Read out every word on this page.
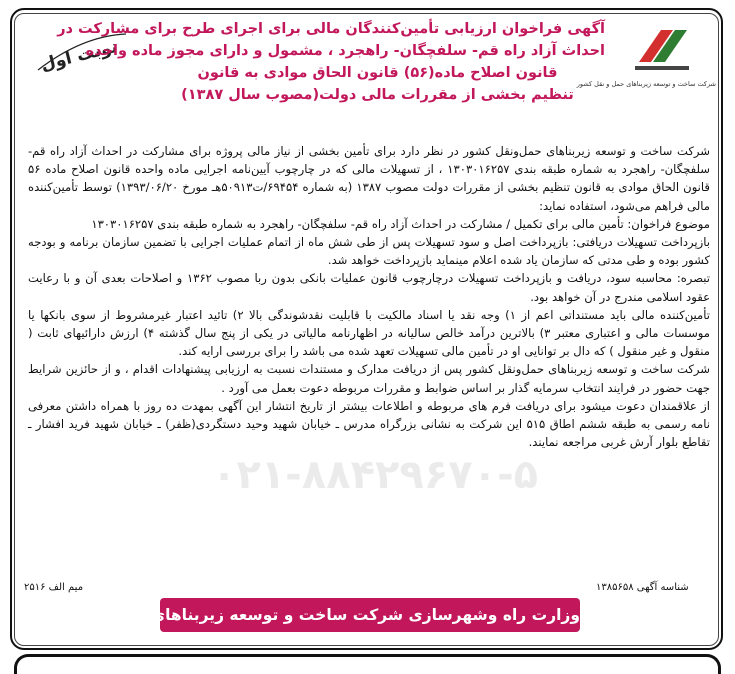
شرکت ساخت و توسعه زیربناهای حمل و نقل کشور
نوبت اول
آگهی فراخوان ارزیابی تأمین‌کنندگان مالی برای اجرای طرح برای مشارکت در
احداث آزاد راه قم- سلفچگان- راهجرد ، مشمول و دارای مجوز ماده واحده
قانون اصلاح ماده(۵۶) قانون الحاق موادی به قانون
تنظیم بخشی از مقررات مالی دولت(مصوب سال ۱۳۸۷)

شرکت ساخت و توسعه زیربناهای حمل‌ونقل کشور در نظر دارد برای تأمین بخشی از نیاز مالی پروژه برای مشارکت در احداث آزاد راه قم- سلفچگان- راهجرد به شماره طبقه بندی ۱۳۰۳۰۱۶۲۵۷ ، از تسهیلات مالی که در چارچوب آیین‌نامه اجرایی ماده واحده قانون اصلاح ماده ۵۶ قانون الحاق موادی به قانون تنظیم بخشی از مقررات دولت مصوب ۱۳۸۷ (به شماره ۶۹۴۵۴/ت۵۰۹۱۳هـ مورخ ۱۳۹۳/۰۶/۲۰) توسط تأمین‌کننده مالی فراهم می‌شود، استفاده نماید:

موضوع فراخوان: تأمین مالی برای تکمیل / مشارکت در احداث آزاد راه قم- سلفچگان- راهجرد به شماره طبقه بندی ۱۳۰۳۰۱۶۲۵۷

بازپرداخت تسهیلات دریافتی: بازپرداخت اصل و سود تسهیلات پس از طی شش ماه از اتمام عملیات اجرایی با تضمین سازمان برنامه و بودجه کشور بوده و طی مدتی که سازمان یاد شده اعلام مینماید بازپرداخت خواهد شد.

تبصره: محاسبه سود، دریافت و بازپرداخت تسهیلات درچارچوب قانون عملیات بانکی بدون ربا مصوب ۱۳۶۲ و اصلاحات بعدی آن و با رعایت عقود اسلامی مندرج در آن خواهد بود.

تأمین‌کننده مالی باید مستنداتی اعم از ۱) وجه نقد یا اسناد مالکیت با قابلیت نقدشوندگی بالا ۲) تائید اعتبار غیرمشروط از سوی بانکها یا موسسات مالی و اعتباری معتبر ۳) بالاترین درآمد خالص سالیانه در اظهارنامه مالیاتی در یکی از پنج سال گذشته ۴) ارزش دارائیهای ثابت ( منقول و غیر منقول ) که دال بر توانایی او در تأمین مالی تسهیلات تعهد شده می باشد را برای بررسی ارایه کند.

شرکت ساخت و توسعه زیربناهای حمل‌ونقل کشور پس از دریافت مدارک و مستندات نسبت به ارزیابی پیشنهادات اقدام ، و از حائزین شرایط جهت حضور در فرایند انتخاب سرمایه گذار بر اساس ضوابط و مقررات مربوطه دعوت بعمل می آورد .

از علاقمندان دعوت میشود برای دریافت فرم های مربوطه و اطلاعات بیشتر از تاریخ انتشار این آگهی بمهدت ده روز با همراه داشتن معرفی نامه رسمی به طبقه ششم اطاق ۵۱۵ این شرکت به نشانی بزرگراه مدرس ـ خیابان شهید وحید دستگردی(ظفر) ـ خیابان شهید فرید افشار ـ تقاطع بلوار آرش غربی مراجعه نمایند.

شناسه آگهی ۱۳۸۵۶۵۸
میم الف ۲۵۱۶
وزارت راه وشهرسازی شرکت ساخت و توسعه زیربناهای حمل‌ونقل کشور
